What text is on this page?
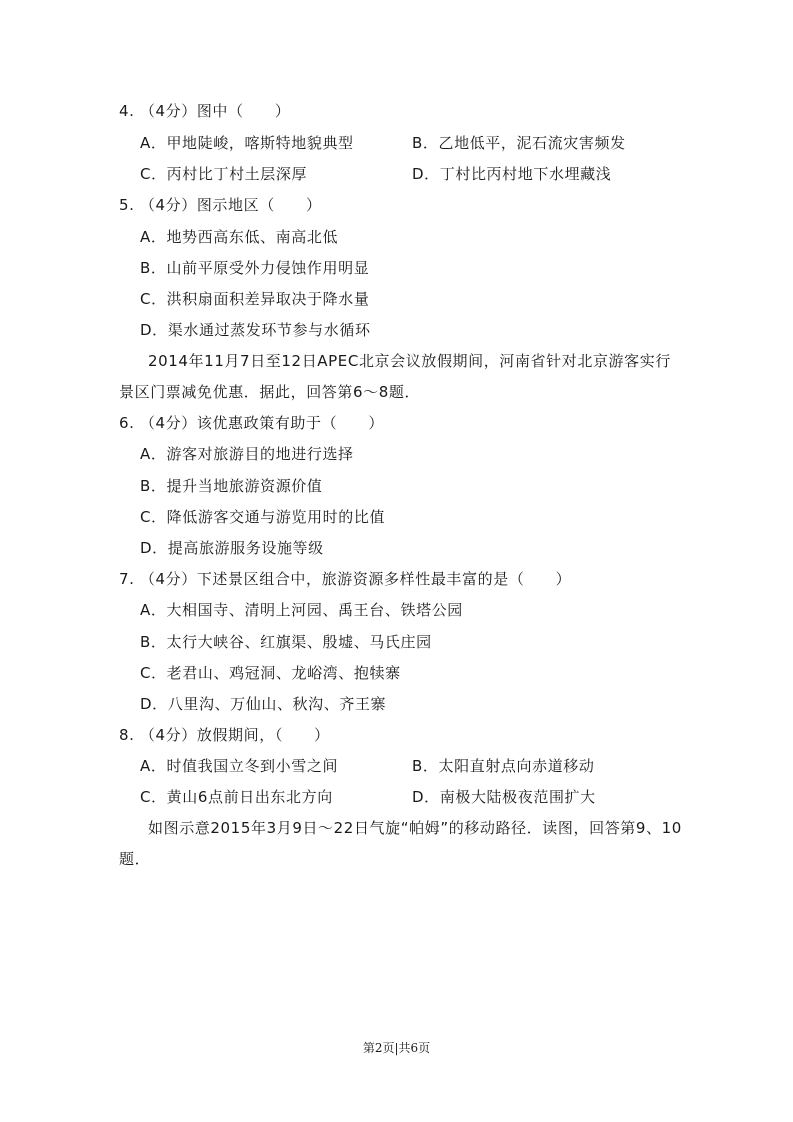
4. （4分）图中（　　）
A．甲地陡峻，喀斯特地貌典型	B．乙地低平，泥石流灾害频发
C．丙村比丁村土层深厚	D．丁村比丙村地下水埋藏浅
5. （4分）图示地区（　　）
A．地势西高东低、南高北低
B．山前平原受外力侵蚀作用明显
C．洪积扇面积差异取决于降水量
D．渠水通过蒸发环节参与水循环
2014年11月7日至12日APEC北京会议放假期间，河南省针对北京游客实行
景区门票减免优惠．据此，回答第6～8题．
6. （4分）该优惠政策有助于（　　）
A．游客对旅游目的地进行选择
B．提升当地旅游资源价值
C．降低游客交通与游览用时的比值
D．提高旅游服务设施等级
7. （4分）下述景区组合中，旅游资源多样性最丰富的是（　　）
A．大相国寺、清明上河园、禹王台、铁塔公园
B．太行大峡谷、红旗渠、殷墟、马氏庄园
C．老君山、鸡冠洞、龙峪湾、抱犊寨
D．八里沟、万仙山、秋沟、齐王寨
8. （4分）放假期间，（　　）
A．时值我国立冬到小雪之间	B．太阳直射点向赤道移动
C．黄山6点前日出东北方向	D．南极大陆极夜范围扩大
如图示意2015年3月9日～22日气旋“帕姆”的移动路径．读图，回答第9、10
题．
第2页|共6页
